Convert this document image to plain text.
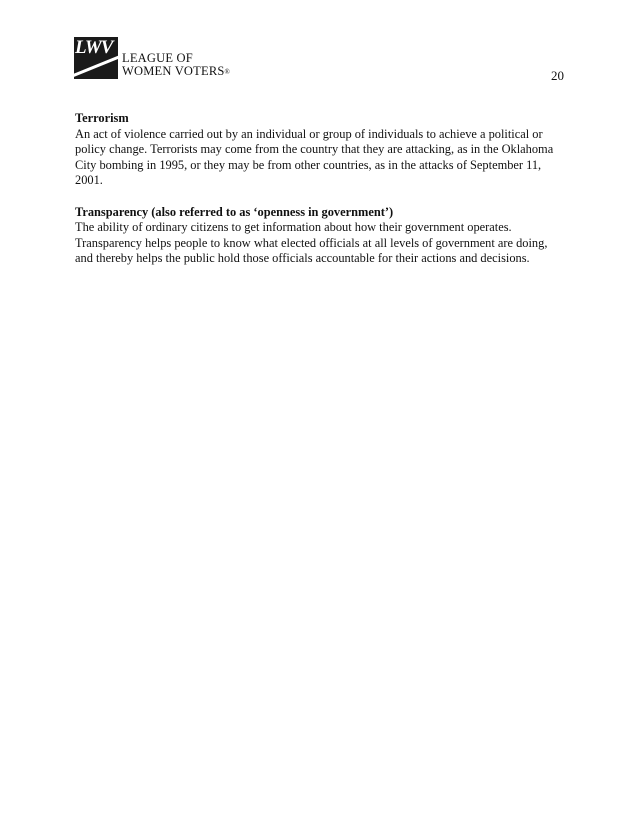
LWV LEAGUE OF
WOMEN VOTERS®	20
Terrorism
An act of violence carried out by an individual or group of individuals to achieve a political or policy change. Terrorists may come from the country that they are attacking, as in the Oklahoma City bombing in 1995, or they may be from other countries, as in the attacks of September 11, 2001.
Transparency (also referred to as ‘openness in government’)
The ability of ordinary citizens to get information about how their government operates. Transparency helps people to know what elected officials at all levels of government are doing, and thereby helps the public hold those officials accountable for their actions and decisions.
